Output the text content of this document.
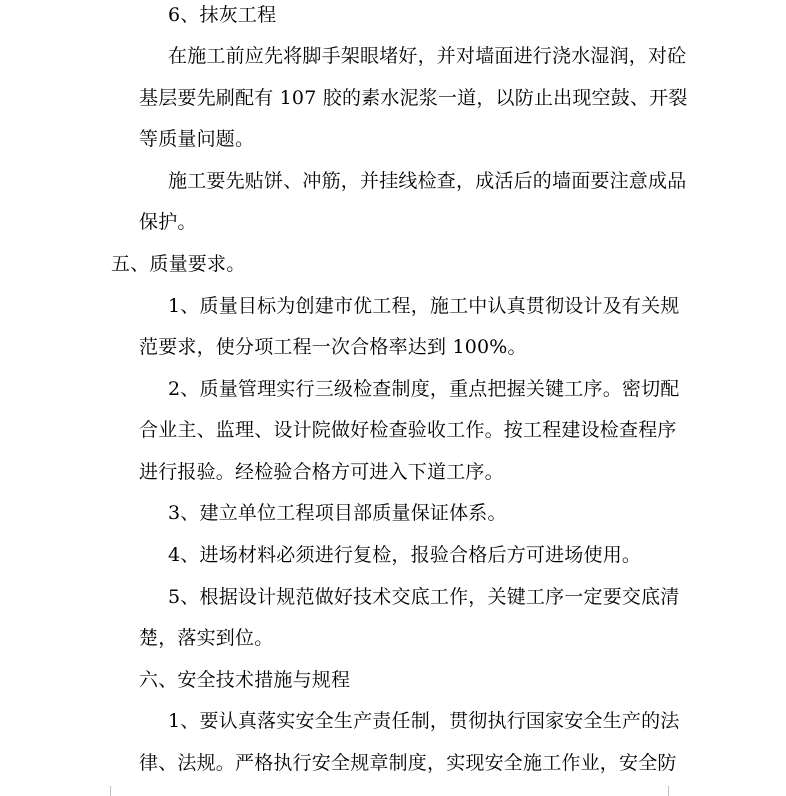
6、抹灰工程
在施工前应先将脚手架眼堵好，并对墙面进行浇水湿润，对砼
基层要先刷配有 107 胶的素水泥浆一道，以防止出现空鼓、开裂
等质量问题。
施工要先贴饼、冲筋，并挂线检查，成活后的墙面要注意成品
保护。
五、质量要求。
1、质量目标为创建市优工程，施工中认真贯彻设计及有关规
范要求，使分项工程一次合格率达到 100%。
2、质量管理实行三级检查制度，重点把握关键工序。密切配
合业主、监理、设计院做好检查验收工作。按工程建设检查程序
进行报验。经检验合格方可进入下道工序。
3、建立单位工程项目部质量保证体系。
4、进场材料必须进行复检，报验合格后方可进场使用。
5、根据设计规范做好技术交底工作，关键工序一定要交底清
楚，落实到位。
六、安全技术措施与规程
1、要认真落实安全生产责任制，贯彻执行国家安全生产的法
律、法规。严格执行安全规章制度，实现安全施工作业，安全防
